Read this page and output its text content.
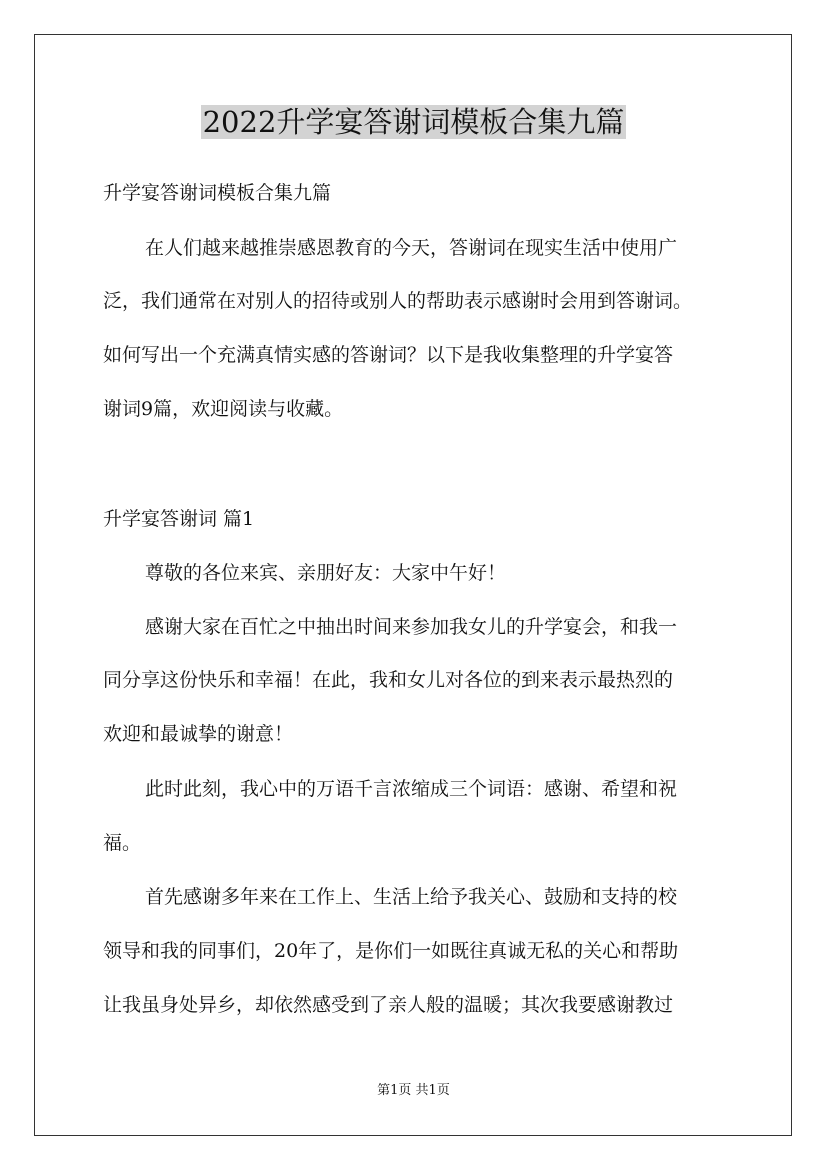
2022升学宴答谢词模板合集九篇

升学宴答谢词模板合集九篇

在人们越来越推崇感恩教育的今天，答谢词在现实生活中使用广

泛，我们通常在对别人的招待或别人的帮助表示感谢时会用到答谢词。

如何写出一个充满真情实感的答谢词？以下是我收集整理的升学宴答

谢词9篇，欢迎阅读与收藏。

升学宴答谢词 篇1

尊敬的各位来宾、亲朋好友：大家中午好！

感谢大家在百忙之中抽出时间来参加我女儿的升学宴会，和我一

同分享这份快乐和幸福！在此，我和女儿对各位的到来表示最热烈的

欢迎和最诚挚的谢意！

此时此刻，我心中的万语千言浓缩成三个词语：感谢、希望和祝

福。

首先感谢多年来在工作上、生活上给予我关心、鼓励和支持的校

领导和我的同事们，20年了，是你们一如既往真诚无私的关心和帮助

让我虽身处异乡，却依然感受到了亲人般的温暖；其次我要感谢教过

第1页 共1页
